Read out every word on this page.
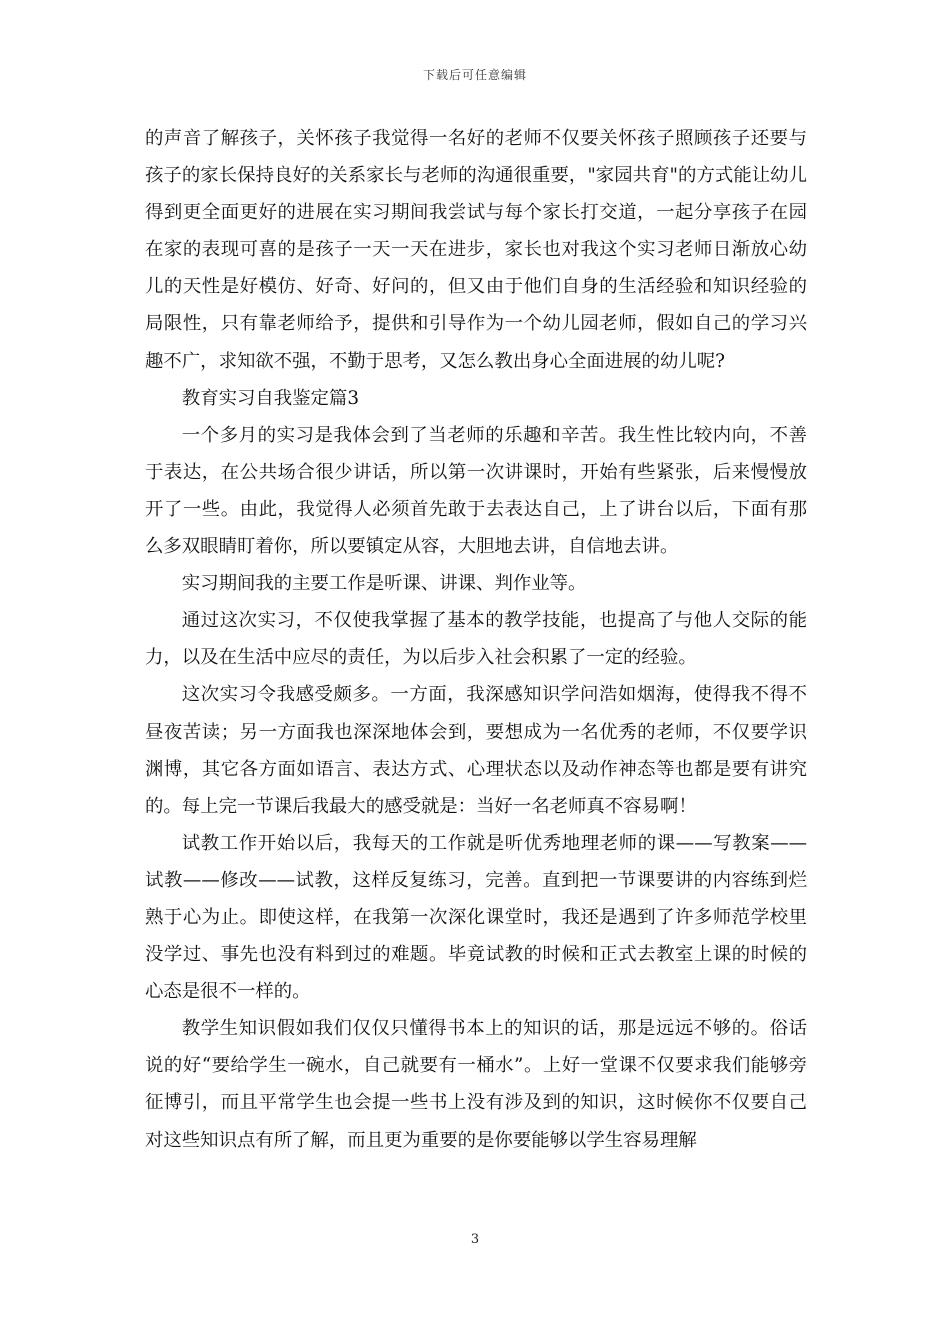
下载后可任意编辑

的声音了解孩子，关怀孩子我觉得一名好的老师不仅要关怀孩子照顾孩子还要与孩子的家长保持良好的关系家长与老师的沟通很重要，"家园共育"的方式能让幼儿得到更全面更好的进展在实习期间我尝试与每个家长打交道，一起分享孩子在园在家的表现可喜的是孩子一天一天在进步，家长也对我这个实习老师日渐放心幼儿的天性是好模仿、好奇、好问的，但又由于他们自身的生活经验和知识经验的局限性，只有靠老师给予，提供和引导作为一个幼儿园老师，假如自己的学习兴趣不广，求知欲不强，不勤于思考，又怎么教出身心全面进展的幼儿呢?

教育实习自我鉴定篇3

一个多月的实习是我体会到了当老师的乐趣和辛苦。我生性比较内向，不善于表达，在公共场合很少讲话，所以第一次讲课时，开始有些紧张，后来慢慢放开了一些。由此，我觉得人必须首先敢于去表达自己，上了讲台以后，下面有那么多双眼睛盯着你，所以要镇定从容，大胆地去讲，自信地去讲。

实习期间我的主要工作是听课、讲课、判作业等。

通过这次实习，不仅使我掌握了基本的教学技能，也提高了与他人交际的能力，以及在生活中应尽的责任，为以后步入社会积累了一定的经验。

这次实习令我感受颇多。一方面，我深感知识学问浩如烟海，使得我不得不昼夜苦读；另一方面我也深深地体会到，要想成为一名优秀的老师，不仅要学识渊博，其它各方面如语言、表达方式、心理状态以及动作神态等也都是要有讲究的。每上完一节课后我最大的感受就是：当好一名老师真不容易啊！

试教工作开始以后，我每天的工作就是听优秀地理老师的课——写教案——试教——修改——试教，这样反复练习，完善。直到把一节课要讲的内容练到烂熟于心为止。即使这样，在我第一次深化课堂时，我还是遇到了许多师范学校里没学过、事先也没有料到过的难题。毕竟试教的时候和正式去教室上课的时候的心态是很不一样的。

教学生知识假如我们仅仅只懂得书本上的知识的话，那是远远不够的。俗话说的好“要给学生一碗水，自己就要有一桶水”。上好一堂课不仅要求我们能够旁征博引，而且平常学生也会提一些书上没有涉及到的知识，这时候你不仅要自己对这些知识点有所了解，而且更为重要的是你要能够以学生容易理解

3
